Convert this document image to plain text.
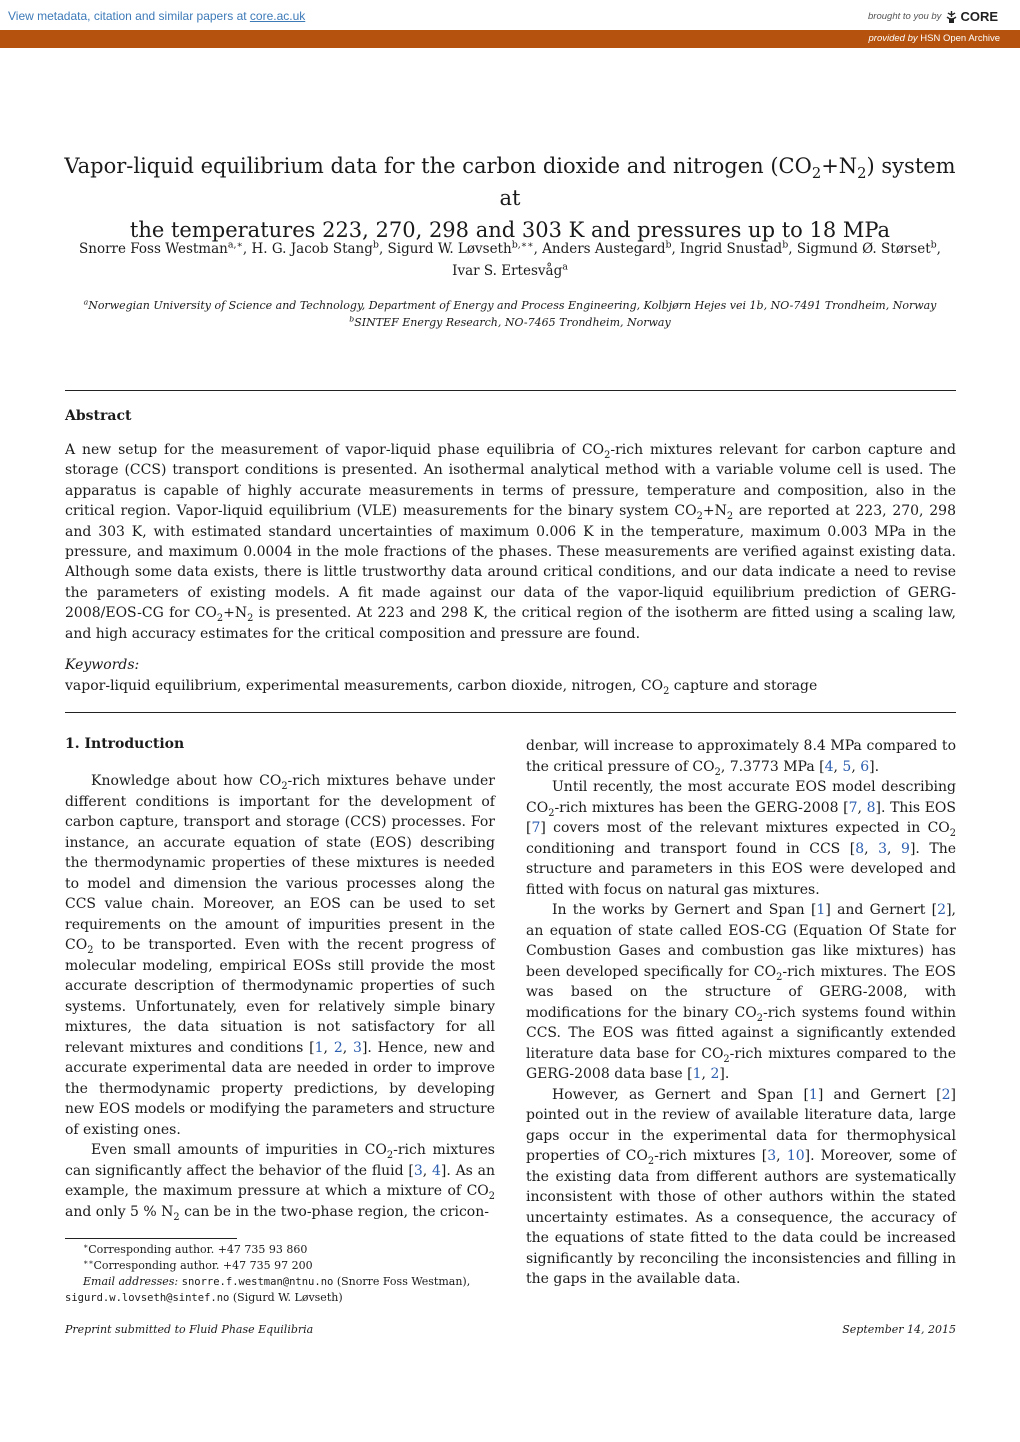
View metadata, citation and similar papers at core.ac.uk	brought to you by CORE
provided by HSN Open Archive
Vapor-liquid equilibrium data for the carbon dioxide and nitrogen $(CO_2+N_2)$ system at
the temperatures 223, 270, 298 and 303 K and pressures up to 18 MPa
Snorre Foss Westman$^{a,∗}$, H. G. Jacob Stang$^b$, Sigurd W. Løvseth$^{b,∗∗}$, Anders Austegard$^b$, Ingrid Snustad$^b$, Sigmund Ø. Størset$^b$,
Ivar S. Ertesvåg$^a$
$^a$Norwegian University of Science and Technology, Department of Energy and Process Engineering, Kolbjørn Hejes vei 1b, NO-7491 Trondheim, Norway
$^b$SINTEF Energy Research, NO-7465 Trondheim, Norway
Abstract
A new setup for the measurement of vapor-liquid phase equilibria of $CO_2$-rich mixtures relevant for carbon capture and storage (CCS) transport conditions is presented. An isothermal analytical method with a variable volume cell is used. The apparatus is capable of highly accurate measurements in terms of pressure, temperature and composition, also in the critical region. Vapor-liquid equilibrium (VLE) measurements for the binary system $CO_2+N_2$ are reported at 223, 270, 298 and 303 K, with estimated standard uncertainties of maximum 0.006 K in the temperature, maximum 0.003 MPa in the pressure, and maximum 0.0004 in the mole fractions of the phases. These measurements are verified against existing data. Although some data exists, there is little trustworthy data around critical conditions, and our data indicate a need to revise the parameters of existing models. A fit made against our data of the vapor-liquid equilibrium prediction of GERG-2008/EOS-CG for $CO_2+N_2$ is presented. At 223 and 298 K, the critical region of the isotherm are fitted using a scaling law, and high accuracy estimates for the critical composition and pressure are found.
Keywords:
vapor-liquid equilibrium, experimental measurements, carbon dioxide, nitrogen, $CO_2$ capture and storage
1. Introduction

Knowledge about how $CO_2$-rich mixtures behave under different conditions is important for the development of carbon capture, transport and storage (CCS) processes. For instance, an accurate equation of state (EOS) describing the thermodynamic properties of these mixtures is needed to model and dimension the various processes along the CCS value chain. Moreover, an EOS can be used to set requirements on the amount of impurities present in the $CO_2$ to be transported. Even with the recent progress of molecular modeling, empirical EOSs still provide the most accurate description of thermodynamic properties of such systems. Unfortunately, even for relatively simple binary mixtures, the data situation is not satisfactory for all relevant mixtures and conditions [1, 2, 3]. Hence, new and accurate experimental data are needed in order to improve the thermodynamic property predictions, by developing new EOS models or modifying the parameters and structure of existing ones.

Even small amounts of impurities in $CO_2$-rich mixtures can significantly affect the behavior of the fluid [3, 4]. As an example, the maximum pressure at which a mixture of $CO_2$ and only 5 % $N_2$ can be in the two-phase region, the cricon-

denbar, will increase to approximately 8.4 MPa compared to the critical pressure of $CO_2$, 7.3773 MPa [4, 5, 6].

Until recently, the most accurate EOS model describing $CO_2$-rich mixtures has been the GERG-2008 [7, 8]. This EOS [7] covers most of the relevant mixtures expected in $CO_2$ conditioning and transport found in CCS [8, 3, 9]. The structure and parameters in this EOS were developed and fitted with focus on natural gas mixtures.

In the works by Gernert and Span [1] and Gernert [2], an equation of state called EOS-CG (Equation Of State for Combustion Gases and combustion gas like mixtures) has been developed specifically for $CO_2$-rich mixtures. The EOS was based on the structure of GERG-2008, with modifications for the binary $CO_2$-rich systems found within CCS. The EOS was fitted against a significantly extended literature data base for $CO_2$-rich mixtures compared to the GERG-2008 data base [1, 2].

However, as Gernert and Span [1] and Gernert [2] pointed out in the review of available literature data, large gaps occur in the experimental data for thermophysical properties of $CO_2$-rich mixtures [3, 10]. Moreover, some of the existing data from different authors are systematically inconsistent with those of other authors within the stated uncertainty estimates. As a consequence, the accuracy of the equations of state fitted to the data could be increased significantly by reconciling the inconsistencies and filling in the gaps in the available data.

∗Corresponding author. +47 735 93 860
∗∗Corresponding author. +47 735 97 200
Email addresses: snorre.f.westman@ntnu.no (Snorre Foss Westman), sigurd.w.lovseth@sintef.no (Sigurd W. Løvseth)
Preprint submitted to Fluid Phase Equilibria	September 14, 2015
